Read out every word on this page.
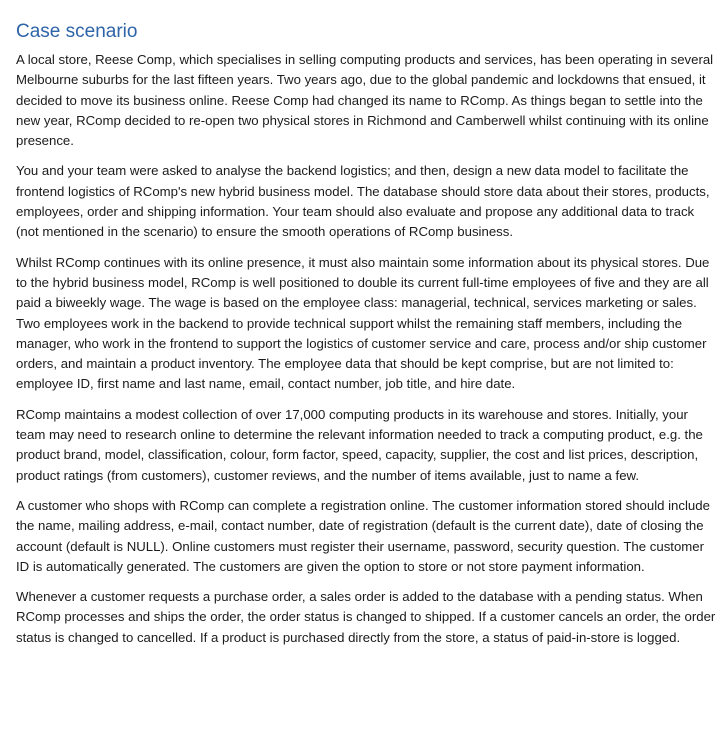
Case scenario

A local store, Reese Comp, which specialises in selling computing products and services, has been operating in several Melbourne suburbs for the last fifteen years. Two years ago, due to the global pandemic and lockdowns that ensued, it decided to move its business online. Reese Comp had changed its name to RComp. As things began to settle into the new year, RComp decided to re-open two physical stores in Richmond and Camberwell whilst continuing with its online presence.

You and your team were asked to analyse the backend logistics; and then, design a new data model to facilitate the frontend logistics of RComp's new hybrid business model. The database should store data about their stores, products, employees, order and shipping information. Your team should also evaluate and propose any additional data to track (not mentioned in the scenario) to ensure the smooth operations of RComp business.

Whilst RComp continues with its online presence, it must also maintain some information about its physical stores. Due to the hybrid business model, RComp is well positioned to double its current full-time employees of five and they are all paid a biweekly wage. The wage is based on the employee class: managerial, technical, services marketing or sales. Two employees work in the backend to provide technical support whilst the remaining staff members, including the manager, who work in the frontend to support the logistics of customer service and care, process and/or ship customer orders, and maintain a product inventory. The employee data that should be kept comprise, but are not limited to: employee ID, first name and last name, email, contact number, job title, and hire date.

RComp maintains a modest collection of over 17,000 computing products in its warehouse and stores. Initially, your team may need to research online to determine the relevant information needed to track a computing product, e.g. the product brand, model, classification, colour, form factor, speed, capacity, supplier, the cost and list prices, description, product ratings (from customers), customer reviews, and the number of items available, just to name a few.

A customer who shops with RComp can complete a registration online. The customer information stored should include the name, mailing address, e-mail, contact number, date of registration (default is the current date), date of closing the account (default is NULL). Online customers must register their username, password, security question. The customer ID is automatically generated. The customers are given the option to store or not store payment information.

Whenever a customer requests a purchase order, a sales order is added to the database with a pending status. When RComp processes and ships the order, the order status is changed to shipped. If a customer cancels an order, the order status is changed to cancelled. If a product is purchased directly from the store, a status of paid-in-store is logged.
